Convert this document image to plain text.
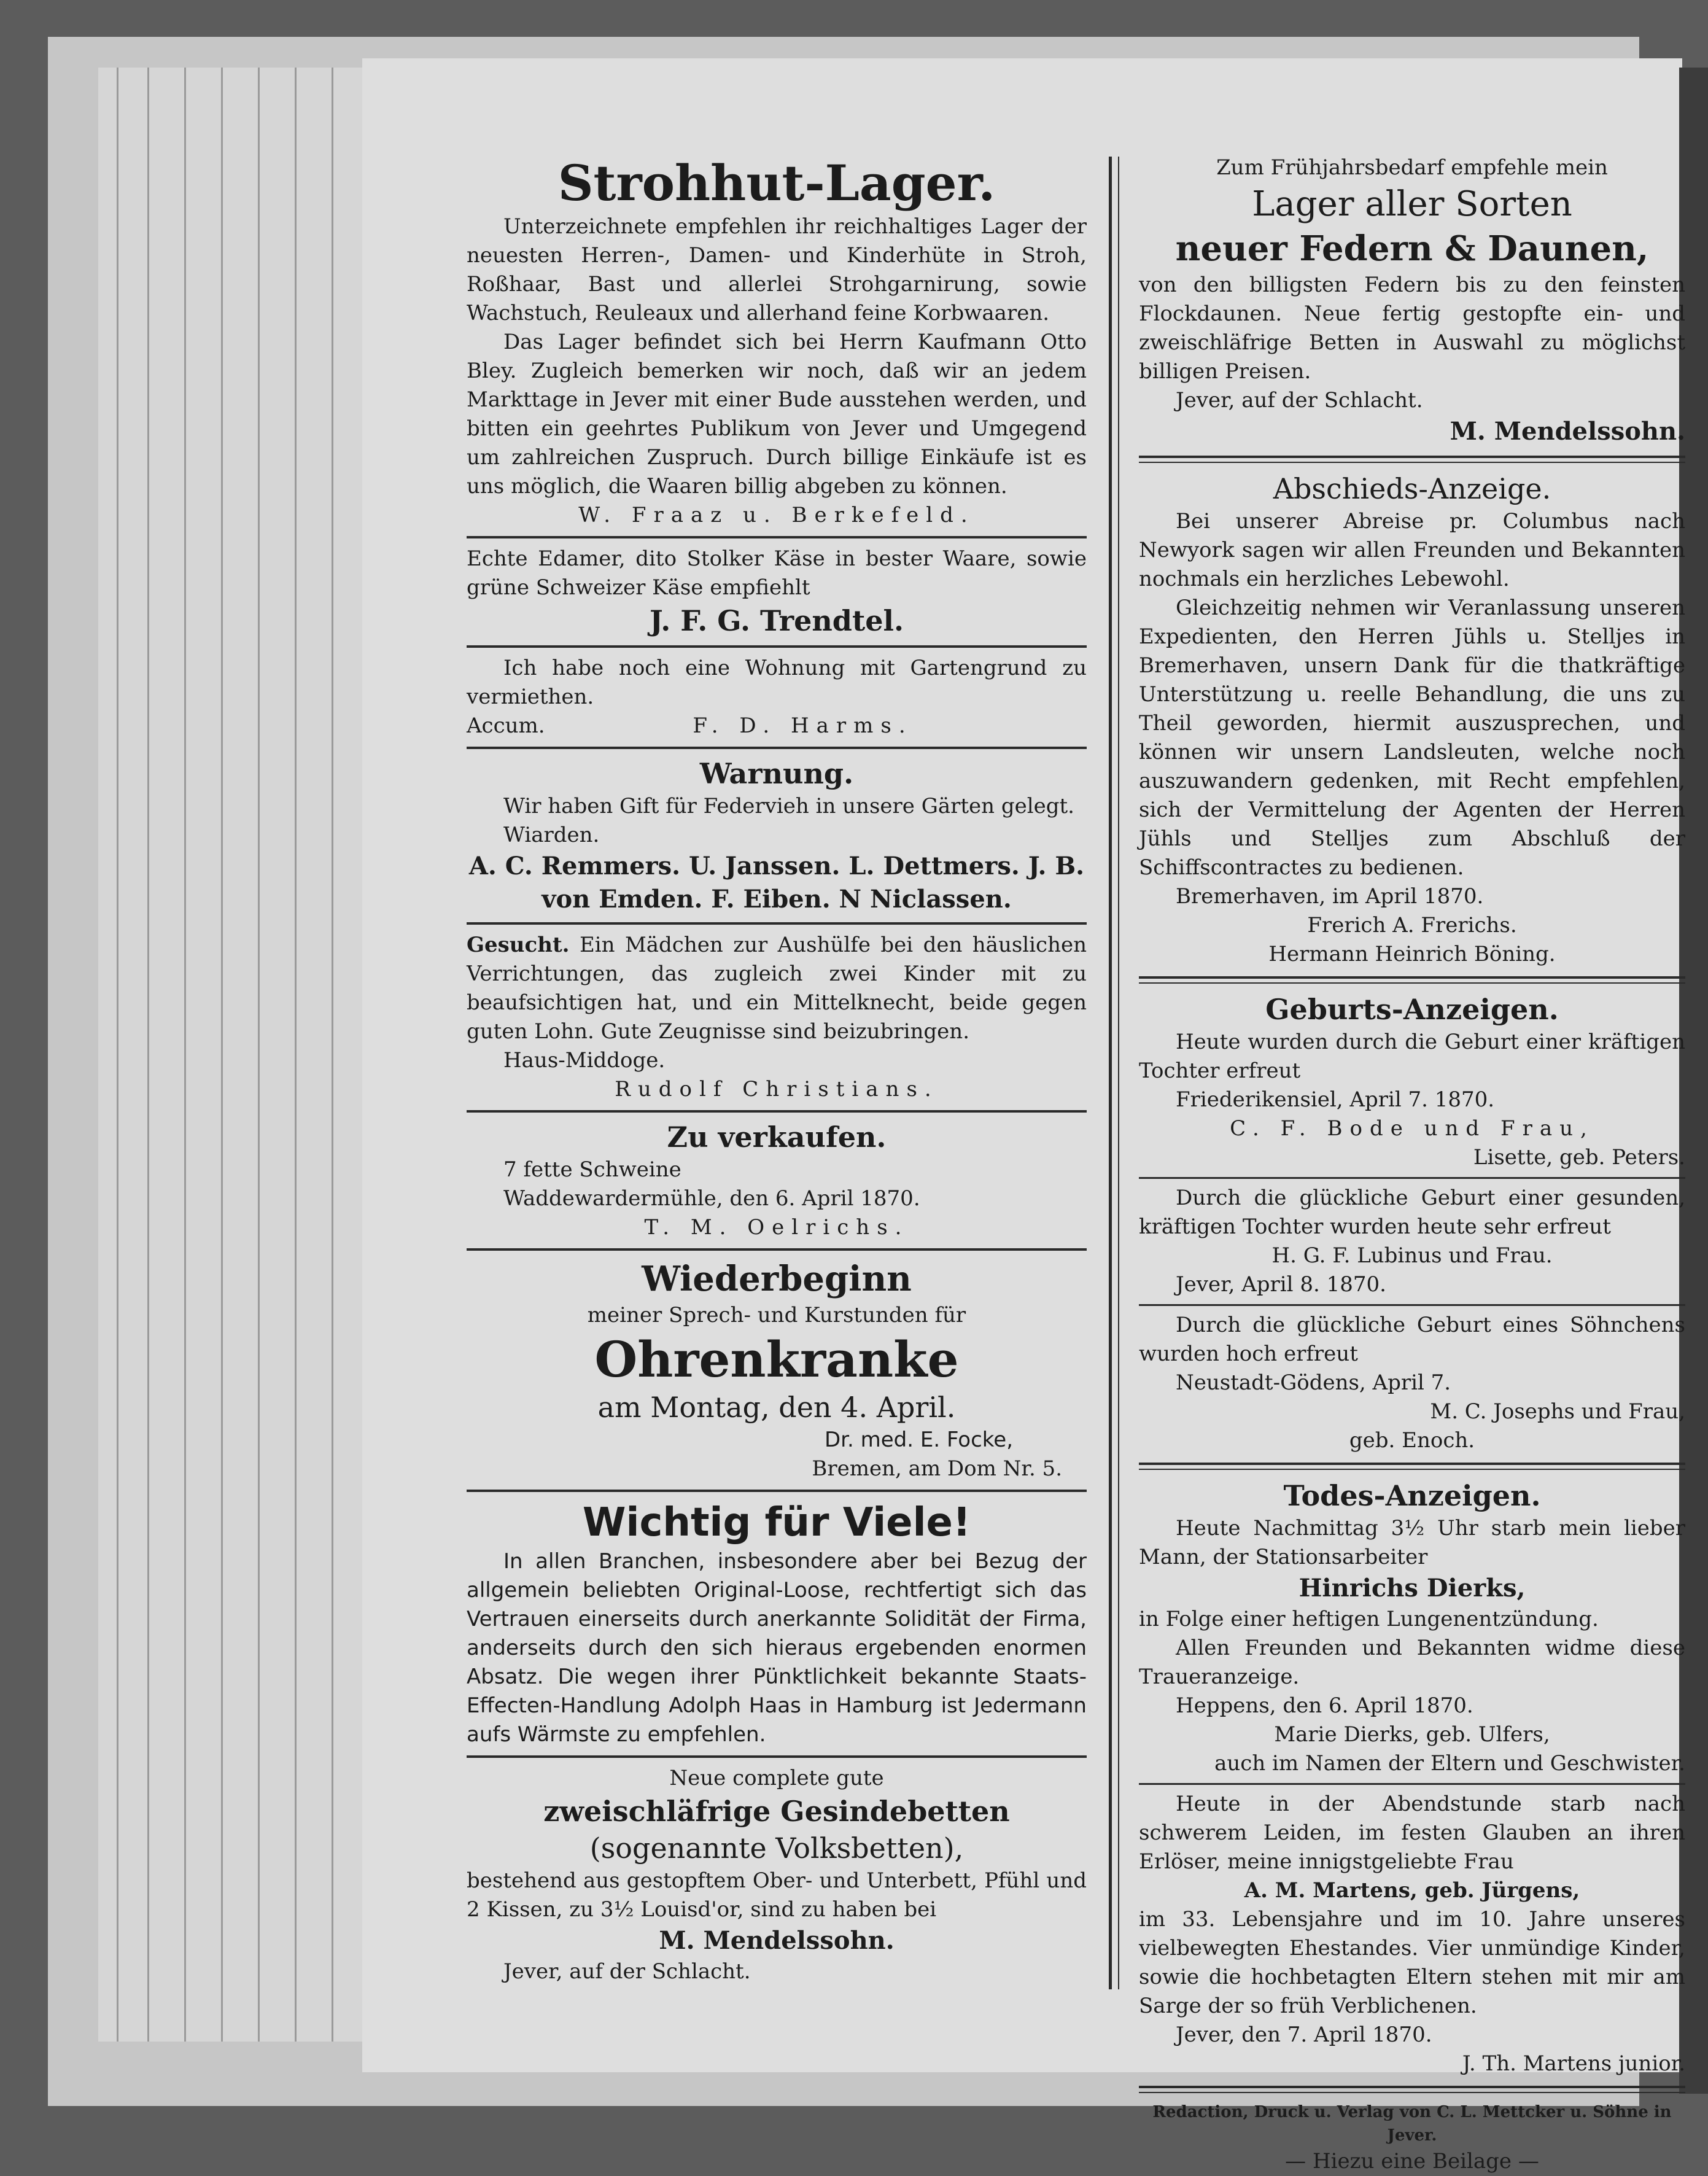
Strohhut-Lager.

Unterzeichnete empfehlen ihr reichhaltiges Lager der neuesten Herren-, Damen- und Kinderhüte in Stroh, Roßhaar, Bast und allerlei Strohgarnirung, sowie Wachstuch, Reuleaux und allerhand feine Korbwaaren.

Das Lager befindet sich bei Herrn Kaufmann Otto Bley. Zugleich bemerken wir noch, daß wir an jedem Markttage in Jever mit einer Bude ausstehen werden, und bitten ein geehrtes Publikum von Jever und Umgegend um zahlreichen Zuspruch. Durch billige Einkäufe ist es uns möglich, die Waaren billig abgeben zu können.

W. Fraaz u. Berkefeld.

Echte Edamer, dito Stolker Käse in bester Waare, sowie grüne Schweizer Käse empfiehlt

J. F. G. Trendtel.

Ich habe noch eine Wohnung mit Gartengrund zu vermiethen.

Accum.	F. D. Harms.

Warnung.

Wir haben Gift für Federvieh in unsere Gärten gelegt.

Wiarden.

A. C. Remmers. U. Janssen. L. Dettmers. J. B. von Emden. F. Eiben. N Niclassen.

Gesucht. Ein Mädchen zur Aushülfe bei den häuslichen Verrichtungen, das zugleich zwei Kinder mit zu beaufsichtigen hat, und ein Mittelknecht, beide gegen guten Lohn. Gute Zeugnisse sind beizubringen.

Haus-Middoge.

Rudolf Christians.

Zu verkaufen.

7 fette Schweine

Waddewardermühle, den 6. April 1870.

T. M. Oelrichs.

Wiederbeginn

meiner Sprech- und Kurstunden für

Ohrenkranke

am Montag, den 4. April.

Dr. med. E. Focke,

Bremen, am Dom Nr. 5.

Wichtig für Viele!

In allen Branchen, insbesondere aber bei Bezug der allgemein beliebten Original-Loose, rechtfertigt sich das Vertrauen einerseits durch anerkannte Solidität der Firma, anderseits durch den sich hieraus ergebenden enormen Absatz. Die wegen ihrer Pünktlichkeit bekannte Staats-Effecten-Handlung Adolph Haas in Hamburg ist Jedermann aufs Wärmste zu empfehlen.

Neue complete gute

zweischläfrige Gesindebetten

(sogenannte Volksbetten),

bestehend aus gestopftem Ober- und Unterbett, Pfühl und 2 Kissen, zu 3½ Louisd'or, sind zu haben bei

M. Mendelssohn.

Jever, auf der Schlacht.

Zum Frühjahrsbedarf empfehle mein

Lager aller Sorten

neuer Federn & Daunen,

von den billigsten Federn bis zu den feinsten Flockdaunen. Neue fertig gestopfte ein- und zweischläfrige Betten in Auswahl zu möglichst billigen Preisen.

Jever, auf der Schlacht.

M. Mendelssohn.

Abschieds-Anzeige.

Bei unserer Abreise pr. Columbus nach Newyork sagen wir allen Freunden und Bekannten nochmals ein herzliches Lebewohl.

Gleichzeitig nehmen wir Veranlassung unseren Expedienten, den Herren Jühls u. Stelljes in Bremerhaven, unsern Dank für die thatkräftige Unterstützung u. reelle Behandlung, die uns zu Theil geworden, hiermit auszusprechen, und können wir unsern Landsleuten, welche noch auszuwandern gedenken, mit Recht empfehlen, sich der Vermittelung der Agenten der Herren Jühls und Stelljes zum Abschluß der Schiffscontractes zu bedienen.

Bremerhaven, im April 1870.

Frerich A. Frerichs.

Hermann Heinrich Böning.

Geburts-Anzeigen.

Heute wurden durch die Geburt einer kräftigen Tochter erfreut

Friederikensiel, April 7. 1870.

C. F. Bode und Frau,

Lisette, geb. Peters.

Durch die glückliche Geburt einer gesunden, kräftigen Tochter wurden heute sehr erfreut

H. G. F. Lubinus und Frau.

Jever, April 8. 1870.

Durch die glückliche Geburt eines Söhnchens wurden hoch erfreut

Neustadt-Gödens, April 7.

M. C. Josephs und Frau,

geb. Enoch.

Todes-Anzeigen.

Heute Nachmittag 3½ Uhr starb mein lieber Mann, der Stationsarbeiter

Hinrichs Dierks,

in Folge einer heftigen Lungenentzündung.

Allen Freunden und Bekannten widme diese Traueranzeige.

Heppens, den 6. April 1870.

Marie Dierks, geb. Ulfers,

auch im Namen der Eltern und Geschwister.

Heute in der Abendstunde starb nach schwerem Leiden, im festen Glauben an ihren Erlöser, meine innigstgeliebte Frau

A. M. Martens, geb. Jürgens,

im 33. Lebensjahre und im 10. Jahre unseres vielbewegten Ehestandes. Vier unmündige Kinder, sowie die hochbetagten Eltern stehen mit mir am Sarge der so früh Verblichenen.

Jever, den 7. April 1870.

J. Th. Martens junior.

Redaction, Druck u. Verlag von C. L. Mettcker u. Söhne in Jever.

— Hiezu eine Beilage —
